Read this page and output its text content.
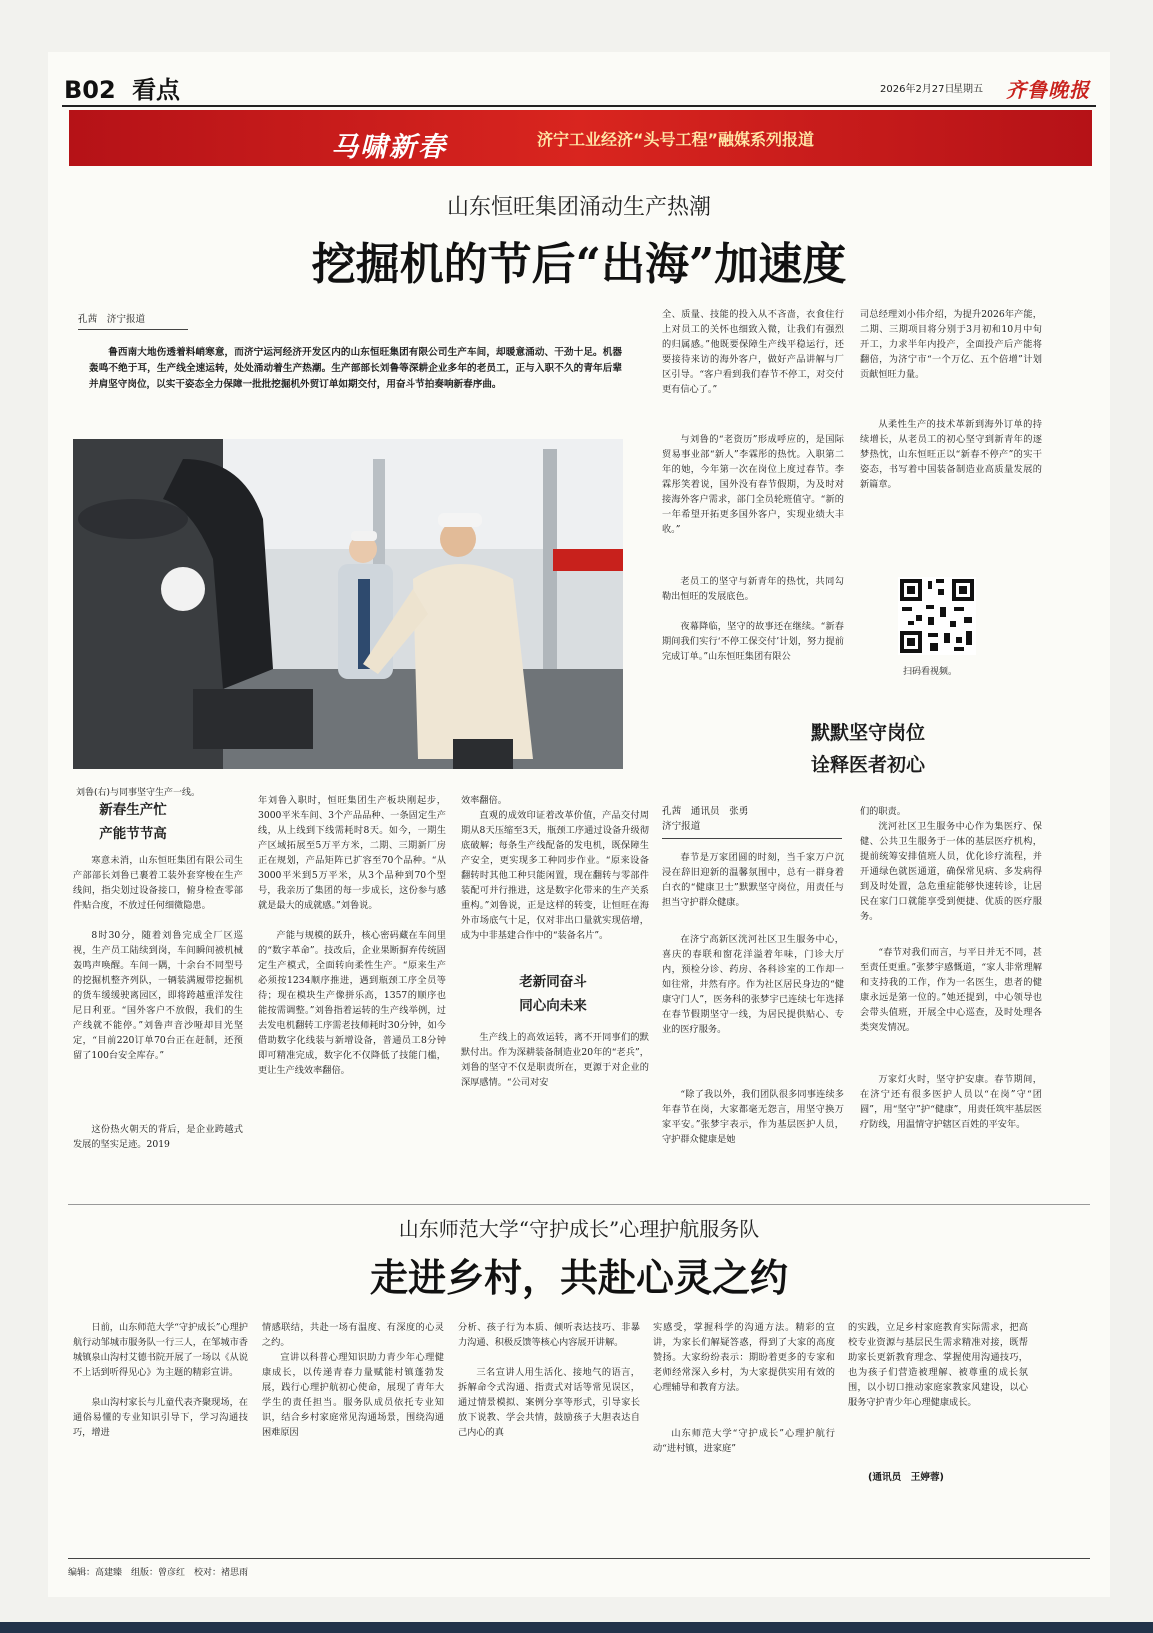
B02 看点	2026年2月27日
星期五 齐鲁晚报
马啸新春	济宁工业经济“头号工程”融媒系列报道
山东恒旺集团涌动生产热潮
挖掘机的节后“出海”加速度
孔茜　济宁报道

鲁西南大地伤透着料峭寒意，而济宁运河经济开发区内的山东恒旺集团有限公司生产车间，却暖意涌动、干劲十足。机器轰鸣不绝于耳，生产线全速运转，处处涌动着生产热潮。生产部部长刘鲁等深耕企业多年的老员工，正与入职不久的青年后辈并肩坚守岗位，以实干姿态全力保障一批批挖掘机外贸订单如期交付，用奋斗节拍奏响新春序曲。

刘鲁(右)与同事坚守生产一线。
新春生产忙
产能节节高

寒意未消，山东恒旺集团有限公司生产部部长刘鲁已裹着工装外套穿梭在生产线间，指尖划过设备接口，俯身检查零部件贴合度，不放过任何细微隐患。

8时30分，随着刘鲁完成全厂区巡视，生产员工陆续到岗，车间瞬间被机械轰鸣声唤醒。车间一隅，十余台不同型号的挖掘机整齐列队，一辆装满履带挖掘机的货车缓缓驶离园区，即将跨越重洋发往尼日利亚。“国外客户不放假，我们的生产线就不能停。”刘鲁声音沙哑却目光坚定，“目前220订单70台正在赶制，还预留了100台安全库存。”

这份热火朝天的背后，是企业跨越式发展的坚实足迹。2019

年刘鲁入职时，恒旺集团生产板块刚起步，3000平米车间、3个产品品种、一条固定生产线，从上线到下线需耗时8天。如今，一期生产区域拓展至5万平方米，二期、三期新厂房正在规划，产品矩阵已扩容至70个品种。“从3000平米到5万平米，从3个品种到70个型号，我亲历了集团的每一步成长，这份参与感就是最大的成就感。”刘鲁说。

产能与规模的跃升，核心密码藏在车间里的“数字革命”。技改后，企业果断摒弃传统固定生产模式，全面转向柔性生产。“原来生产必须按1234顺序推进，遇到瓶颈工序全员等待；现在模块生产像拼乐高，1357的顺序也能按需调整。”刘鲁指着运转的生产线举例，过去发电机翻转工序需老技师耗时30分钟，如今借助数字化线装与新增设备，普通员工8分钟即可精准完成，数字化不仅降低了技能门槛，更让生产线效率翻倍。

效率翻倍。

直观的成效印证着改革价值，产品交付周期从8天压缩至3天，瓶颈工序通过设备升级彻底破解；每条生产线配备的发电机，既保障生产安全，更实现多工种同步作业。“原来设备翻转时其他工种只能闲置，现在翻转与零部件装配可并行推进，这是数字化带来的生产关系重构。”刘鲁说，正是这样的转变，让恒旺在海外市场底气十足，仅对非出口量就实现倍增，成为中非基建合作中的“装备名片”。

老新同奋斗
同心向未来

生产线上的高效运转，离不开同事们的默默付出。作为深耕装备制造业20年的“老兵”，刘鲁的坚守不仅是职责所在，更源于对企业的深厚感情。“公司对安

全、质量、技能的投入从不吝啬，衣食住行上对员工的关怀也细致入微，让我们有强烈的归属感。”他既要保障生产线平稳运行，还要接待来访的海外客户，做好产品讲解与厂区引导。“客户看到我们春节不停工，对交付更有信心了。”

与刘鲁的“老资历”形成呼应的，是国际贸易事业部“新人”李霖彤的热忱。入职第二年的她，今年第一次在岗位上度过春节。李霖彤笑着说，国外没有春节假期，为及时对接海外客户需求，部门全员轮班值守。“新的一年希望开拓更多国外客户，实现业绩大丰收。”

老员工的坚守与新青年的热忱，共同勾勒出恒旺的发展底色。

夜幕降临，坚守的故事还在继续。“新春期间我们实行‘不停工保交付’计划，努力提前完成订单。”山东恒旺集团有限公

司总经理刘小伟介绍，为提升2026年产能，二期、三期项目将分别于3月初和10月中旬开工，力求半年内投产，全面投产后产能将翻倍，为济宁市“一个万亿、五个倍增”计划贡献恒旺力量。

从柔性生产的技术革新到海外订单的持续增长，从老员工的初心坚守到新青年的逐梦热忱，山东恒旺正以“新春不停产”的实干姿态，书写着中国装备制造业高质量发展的新篇章。

扫码看视频。
默默坚守岗位
诠释医者初心
孔茜　通讯员　张勇
济宁报道

春节是万家团圆的时刻，当千家万户沉浸在辞旧迎新的温馨氛围中，总有一群身着白衣的“健康卫士”默默坚守岗位，用责任与担当守护群众健康。

在济宁高新区洸河社区卫生服务中心，喜庆的春联和窗花洋溢着年味，门诊大厅内，预检分诊、药房、各科诊室的工作却一如往常，井然有序。作为社区居民身边的“健康守门人”，医务科的张梦宇已连续七年选择在春节假期坚守一线，为居民提供贴心、专业的医疗服务。

“除了我以外，我们团队很多同事连续多年春节在岗，大家都毫无怨言，用坚守换万家平安。”张梦宇表示，作为基层医护人员，守护群众健康是她

们的职责。

洸河社区卫生服务中心作为集医疗、保健、公共卫生服务于一体的基层医疗机构，提前统筹安排值班人员，优化诊疗流程，并开通绿色就医通道，确保常见病、多发病得到及时处置，急危重症能够快速转诊，让居民在家门口就能享受到便捷、优质的医疗服务。

“春节对我们而言，与平日并无不同，甚至责任更重。”张梦宇感慨道，“家人非常理解和支持我的工作，作为一名医生，患者的健康永远是第一位的。”她还提到，中心领导也会带头值班，开展全中心巡查，及时处理各类突发情况。

万家灯火时，坚守护安康。春节期间，在济宁还有很多医护人员以“在岗”守“团圆”，用“坚守”护“健康”，用责任筑牢基层医疗防线，用温情守护辖区百姓的平安年。

山东师范大学“守护成长”心理护航服务队
走进乡村，共赴心灵之约

日前，山东师范大学“守护成长”心理护航行动邹城市服务队一行三人，在邹城市香城镇泉山沟村艾德书院开展了一场以《从说不上话到听得见心》为主题的精彩宣讲。

泉山沟村家长与儿童代表齐聚现场，在通俗易懂的专业知识引导下，学习沟通技巧，增进

情感联结，共赴一场有温度、有深度的心灵之约。

宣讲以科普心理知识助力青少年心理健康成长，以传递青春力量赋能村镇蓬勃发展，践行心理护航初心使命，展现了青年大学生的责任担当。服务队成员依托专业知识，结合乡村家庭常见沟通场景，围绕沟通困难原因

分析、孩子行为本质、倾听表达技巧、非暴力沟通、积极反馈等核心内容展开讲解。

三名宣讲人用生活化、接地气的语言，拆解命令式沟通、指责式对话等常见误区，通过情景模拟、案例分享等形式，引导家长放下说教、学会共情，鼓励孩子大胆表达自己内心的真

实感受，掌握科学的沟通方法。精彩的宣讲，为家长们解疑答惑，得到了大家的高度赞扬。大家纷纷表示：期盼着更多的专家和老师经常深入乡村，为大家提供实用有效的心理辅导和教育方法。

山东师范大学“守护成长”心理护航行动“进村镇，进家庭”

的实践，立足乡村家庭教育实际需求，把高校专业资源与基层民生需求精准对接，既帮助家长更新教育理念、掌握使用沟通技巧，也为孩子们营造被理解、被尊重的成长氛围，以小切口推动家庭家教家风建设，以心服务守护青少年心理健康成长。

(通讯员　王婷蓉)
编辑：高建臻　组版：曾彦红　校对：褚思雨
